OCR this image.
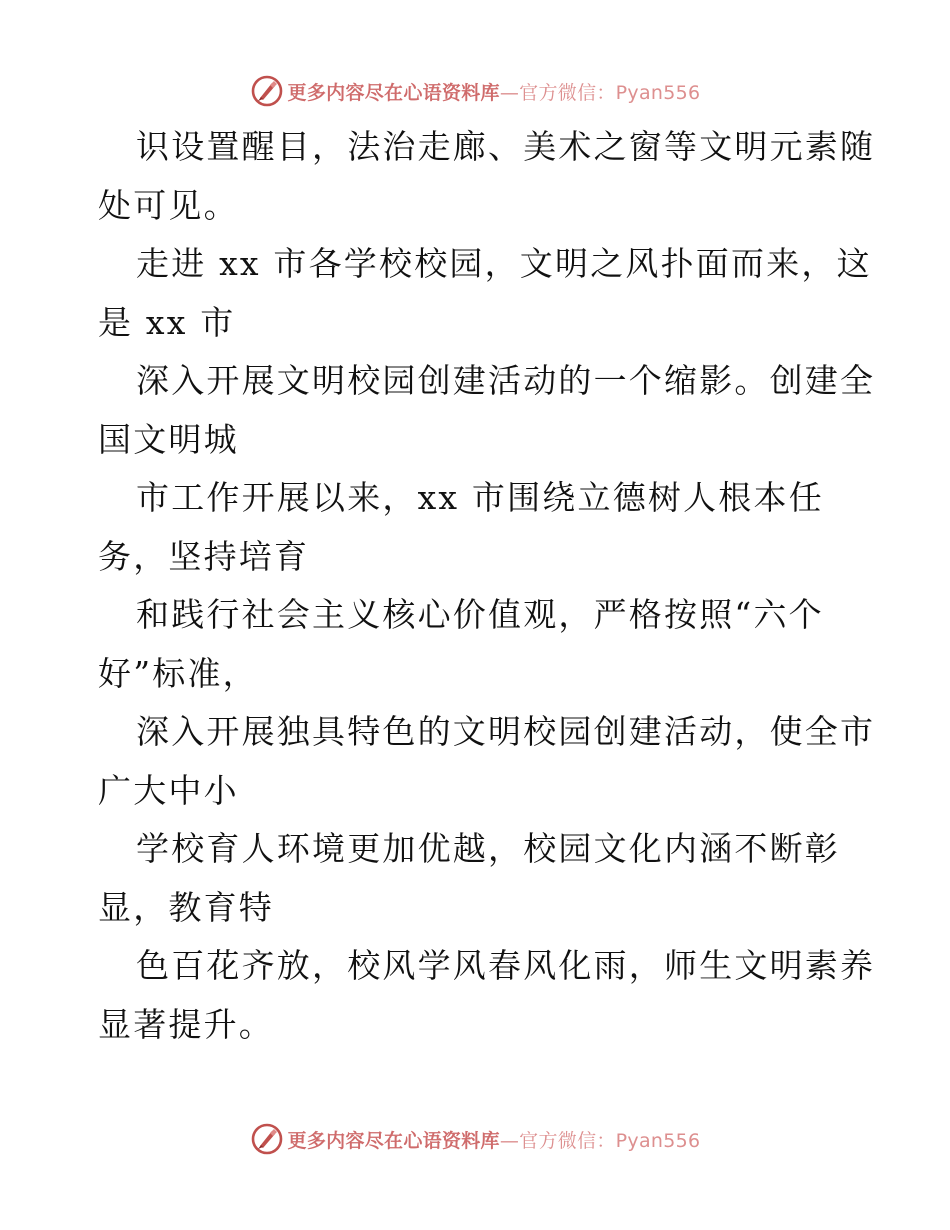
更多内容尽在心语资料库—官方微信：Pyan556

识设置醒目，法治走廊、美术之窗等文明元素随
处可见。

走进 xx 市各学校校园，文明之风扑面而来，这
是 xx 市

深入开展文明校园创建活动的一个缩影。创建全
国文明城

市工作开展以来，xx 市围绕立德树人根本任
务，坚持培育

和践行社会主义核心价值观，严格按照“六个
好”标准，

深入开展独具特色的文明校园创建活动，使全市
广大中小

学校育人环境更加优越，校园文化内涵不断彰
显，教育特

色百花齐放，校风学风春风化雨，师生文明素养
显著提升。

更多内容尽在心语资料库—官方微信：Pyan556
